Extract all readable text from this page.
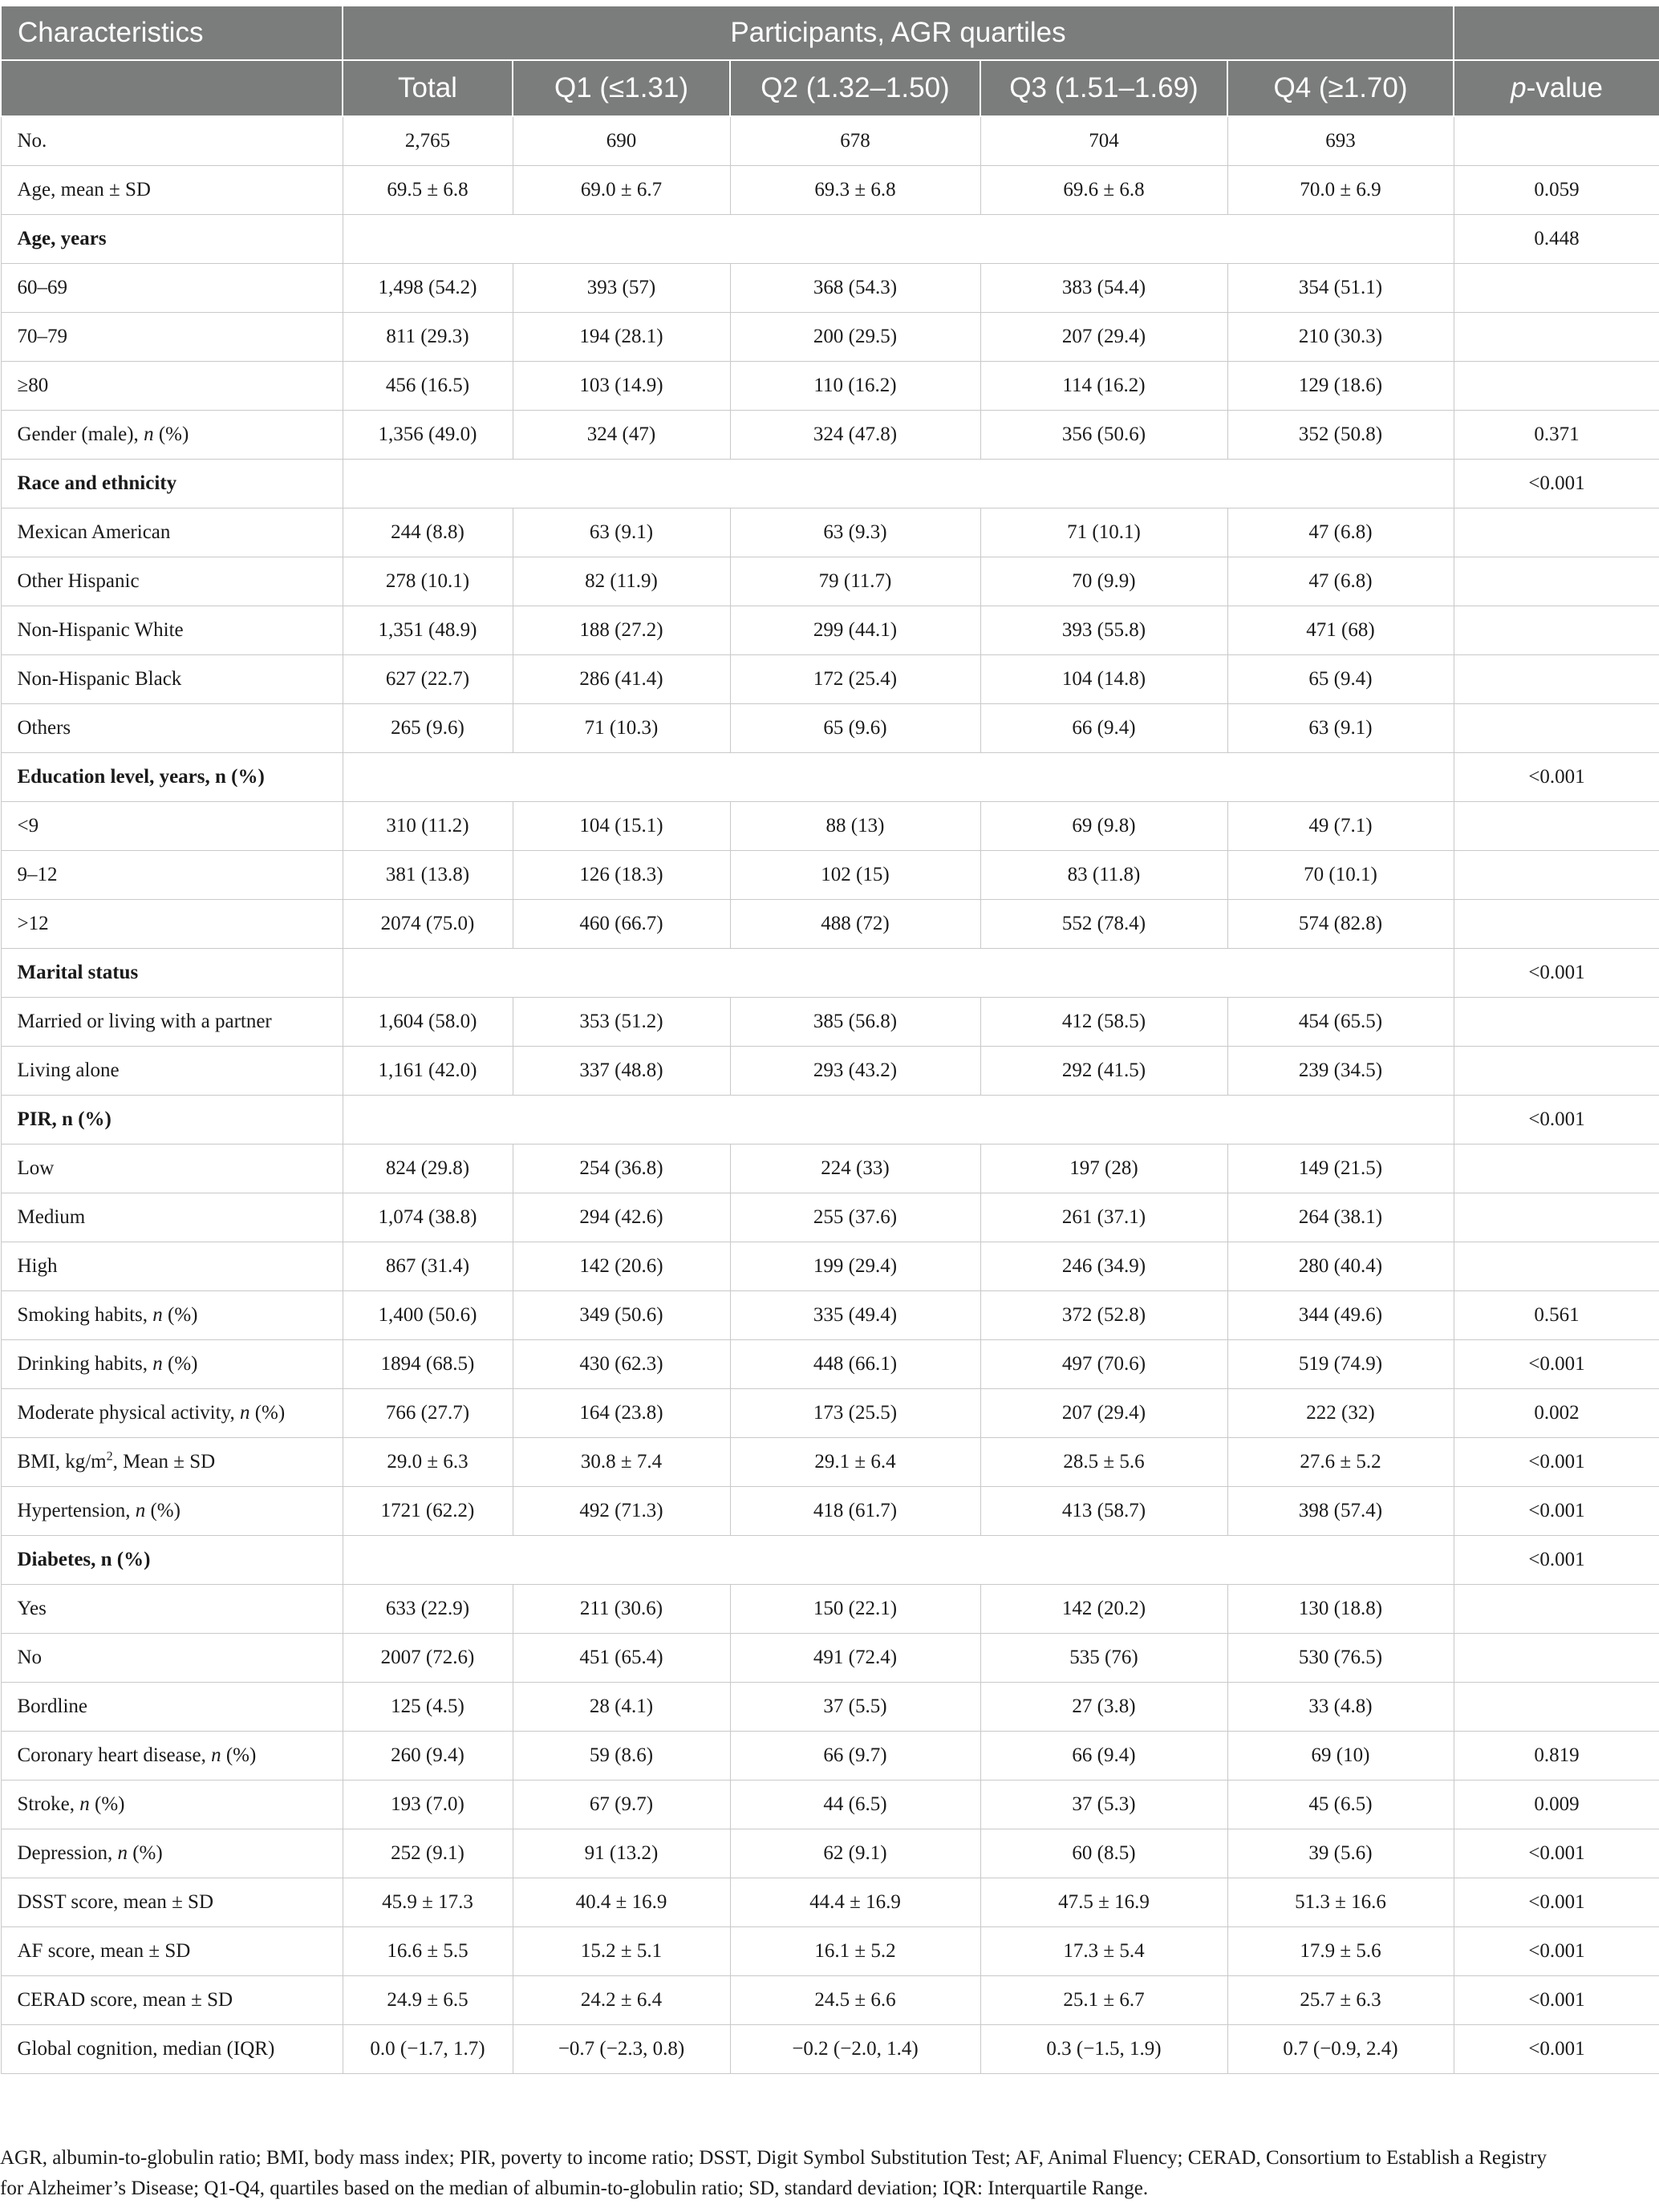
Characteristics	Participants, AGR quartiles					
	Total	Q1 (≤1.31)	Q2 (1.32–1.50)	Q3 (1.51–1.69)	Q4 (≥1.70)	p-value
No.	2,765	690	678	704	693	
Age, mean ± SD	69.5 ± 6.8	69.0 ± 6.7	69.3 ± 6.8	69.6 ± 6.8	70.0 ± 6.9	0.059
Age, years						0.448
60–69	1,498 (54.2)	393 (57)	368 (54.3)	383 (54.4)	354 (51.1)	
70–79	811 (29.3)	194 (28.1)	200 (29.5)	207 (29.4)	210 (30.3)	
≥80	456 (16.5)	103 (14.9)	110 (16.2)	114 (16.2)	129 (18.6)	
Gender (male), n (%)	1,356 (49.0)	324 (47)	324 (47.8)	356 (50.6)	352 (50.8)	0.371
Race and ethnicity						<0.001
Mexican American	244 (8.8)	63 (9.1)	63 (9.3)	71 (10.1)	47 (6.8)	
Other Hispanic	278 (10.1)	82 (11.9)	79 (11.7)	70 (9.9)	47 (6.8)	
Non-Hispanic White	1,351 (48.9)	188 (27.2)	299 (44.1)	393 (55.8)	471 (68)	
Non-Hispanic Black	627 (22.7)	286 (41.4)	172 (25.4)	104 (14.8)	65 (9.4)	
Others	265 (9.6)	71 (10.3)	65 (9.6)	66 (9.4)	63 (9.1)	
Education level, years, n (%)						<0.001
<9	310 (11.2)	104 (15.1)	88 (13)	69 (9.8)	49 (7.1)	
9–12	381 (13.8)	126 (18.3)	102 (15)	83 (11.8)	70 (10.1)	
>12	2074 (75.0)	460 (66.7)	488 (72)	552 (78.4)	574 (82.8)	
Marital status						<0.001
Married or living with a partner	1,604 (58.0)	353 (51.2)	385 (56.8)	412 (58.5)	454 (65.5)	
Living alone	1,161 (42.0)	337 (48.8)	293 (43.2)	292 (41.5)	239 (34.5)	
PIR, n (%)						<0.001
Low	824 (29.8)	254 (36.8)	224 (33)	197 (28)	149 (21.5)	
Medium	1,074 (38.8)	294 (42.6)	255 (37.6)	261 (37.1)	264 (38.1)	
High	867 (31.4)	142 (20.6)	199 (29.4)	246 (34.9)	280 (40.4)	
Smoking habits, n (%)	1,400 (50.6)	349 (50.6)	335 (49.4)	372 (52.8)	344 (49.6)	0.561
Drinking habits, n (%)	1894 (68.5)	430 (62.3)	448 (66.1)	497 (70.6)	519 (74.9)	<0.001
Moderate physical activity, n (%)	766 (27.7)	164 (23.8)	173 (25.5)	207 (29.4)	222 (32)	0.002
BMI, $kg/m^2$, Mean ± SD	29.0 ± 6.3	30.8 ± 7.4	29.1 ± 6.4	28.5 ± 5.6	27.6 ± 5.2	<0.001
Hypertension, n (%)	1721 (62.2)	492 (71.3)	418 (61.7)	413 (58.7)	398 (57.4)	<0.001
Diabetes, n (%)						<0.001
Yes	633 (22.9)	211 (30.6)	150 (22.1)	142 (20.2)	130 (18.8)	
No	2007 (72.6)	451 (65.4)	491 (72.4)	535 (76)	530 (76.5)	
Bordline	125 (4.5)	28 (4.1)	37 (5.5)	27 (3.8)	33 (4.8)	
Coronary heart disease, n (%)	260 (9.4)	59 (8.6)	66 (9.7)	66 (9.4)	69 (10)	0.819
Stroke, n (%)	193 (7.0)	67 (9.7)	44 (6.5)	37 (5.3)	45 (6.5)	0.009
Depression, n (%)	252 (9.1)	91 (13.2)	62 (9.1)	60 (8.5)	39 (5.6)	<0.001
DSST score, mean ± SD	45.9 ± 17.3	40.4 ± 16.9	44.4 ± 16.9	47.5 ± 16.9	51.3 ± 16.6	<0.001
AF score, mean ± SD	16.6 ± 5.5	15.2 ± 5.1	16.1 ± 5.2	17.3 ± 5.4	17.9 ± 5.6	<0.001
CERAD score, mean ± SD	24.9 ± 6.5	24.2 ± 6.4	24.5 ± 6.6	25.1 ± 6.7	25.7 ± 6.3	<0.001
Global cognition, median (IQR)	0.0 (−1.7, 1.7)	−0.7 (−2.3, 0.8)	−0.2 (−2.0, 1.4)	0.3 (−1.5, 1.9)	0.7 (−0.9, 2.4)	<0.001
AGR, albumin-to-globulin ratio; BMI, body mass index; PIR, poverty to income ratio; DSST, Digit Symbol Substitution Test; AF, Animal Fluency; CERAD, Consortium to Establish a Registry
for Alzheimer’s Disease; Q1-Q4, quartiles based on the median of albumin-to-globulin ratio; SD, standard deviation; IQR: Interquartile Range.
